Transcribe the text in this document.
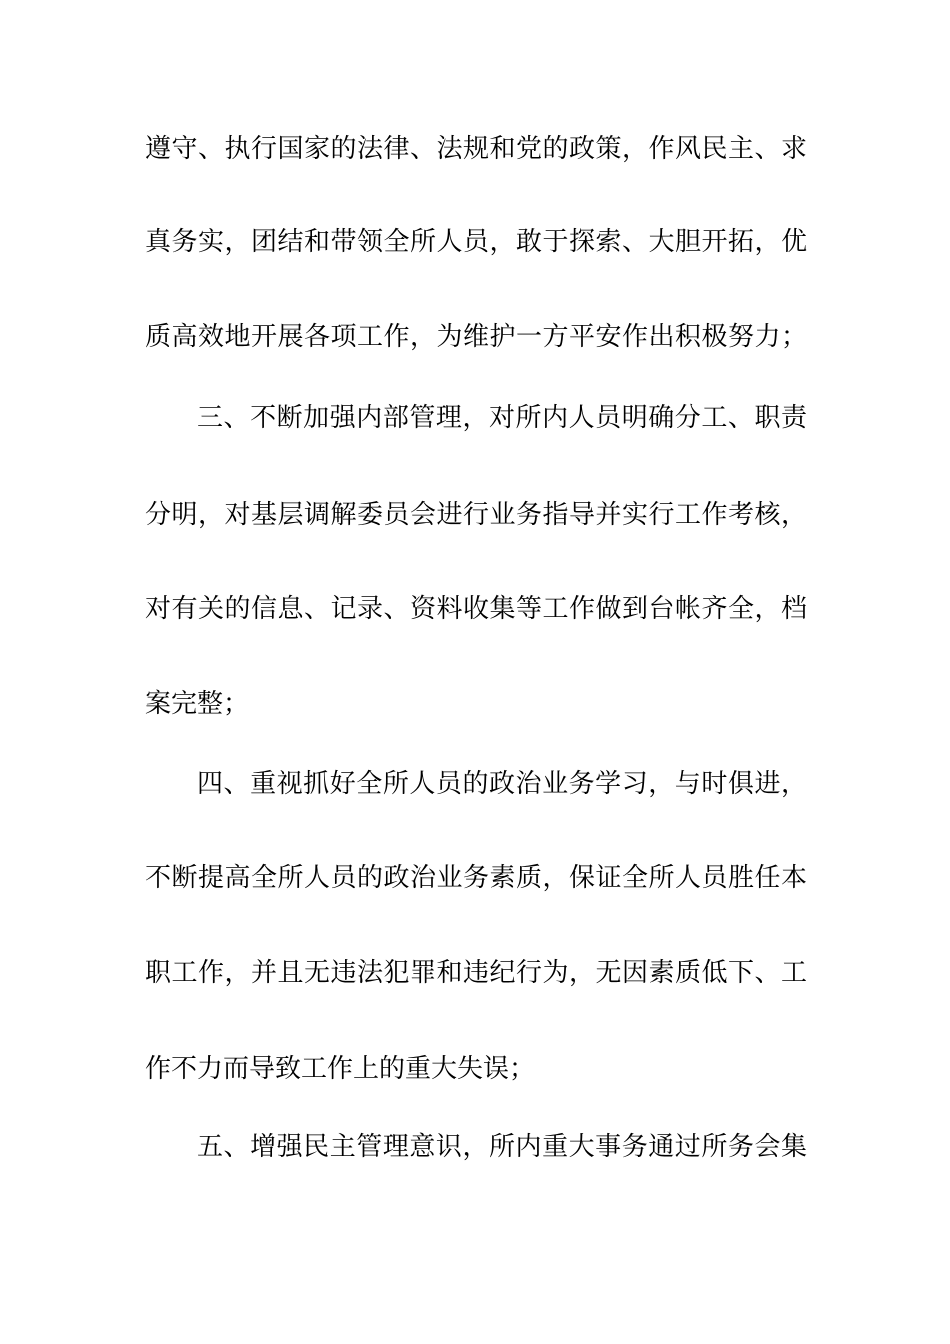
遵守、执行国家的法律、法规和党的政策，作风民主、求
真务实，团结和带领全所人员，敢于探索、大胆开拓，优
质高效地开展各项工作，为维护一方平安作出积极努力；
三、不断加强内部管理，对所内人员明确分工、职责
分明，对基层调解委员会进行业务指导并实行工作考核，
对有关的信息、记录、资料收集等工作做到台帐齐全，档
案完整；
四、重视抓好全所人员的政治业务学习，与时俱进，
不断提高全所人员的政治业务素质，保证全所人员胜任本
职工作，并且无违法犯罪和违纪行为，无因素质低下、工
作不力而导致工作上的重大失误；
五、增强民主管理意识，所内重大事务通过所务会集
